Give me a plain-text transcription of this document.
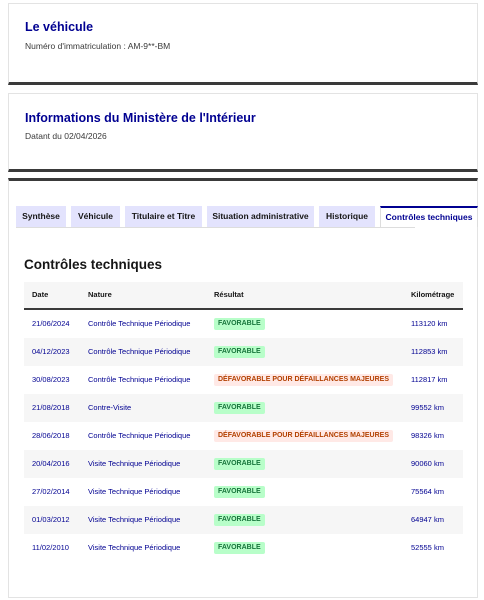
Le véhicule
Numéro d'immatriculation : AM-9**-BM
Informations du Ministère de l'Intérieur
Datant du 02/04/2026
Synthèse	Véhicule	Titulaire et Titre	Situation administrative	Historique	Contrôles techniques
Contrôles techniques
Date	Nature	Résultat	Kilométrage
21/06/2024 Contrôle Technique Périodique	FAVORABLE	113120 km
04/12/2023 Contrôle Technique Périodique	FAVORABLE	112853 km
30/08/2023 Contrôle Technique Périodique	DÉFAVORABLE POUR DÉFAILLANCES MAJEURES	112817 km
21/08/2018 Contre-Visite	FAVORABLE	99552 km
28/06/2018 Contrôle Technique Périodique	DÉFAVORABLE POUR DÉFAILLANCES MAJEURES	98326 km
20/04/2016 Visite Technique Périodique	FAVORABLE	90060 km
27/02/2014 Visite Technique Périodique	FAVORABLE	75564 km
01/03/2012 Visite Technique Périodique	FAVORABLE	64947 km
11/02/2010	Visite Technique Périodique	FAVORABLE	52555 km
